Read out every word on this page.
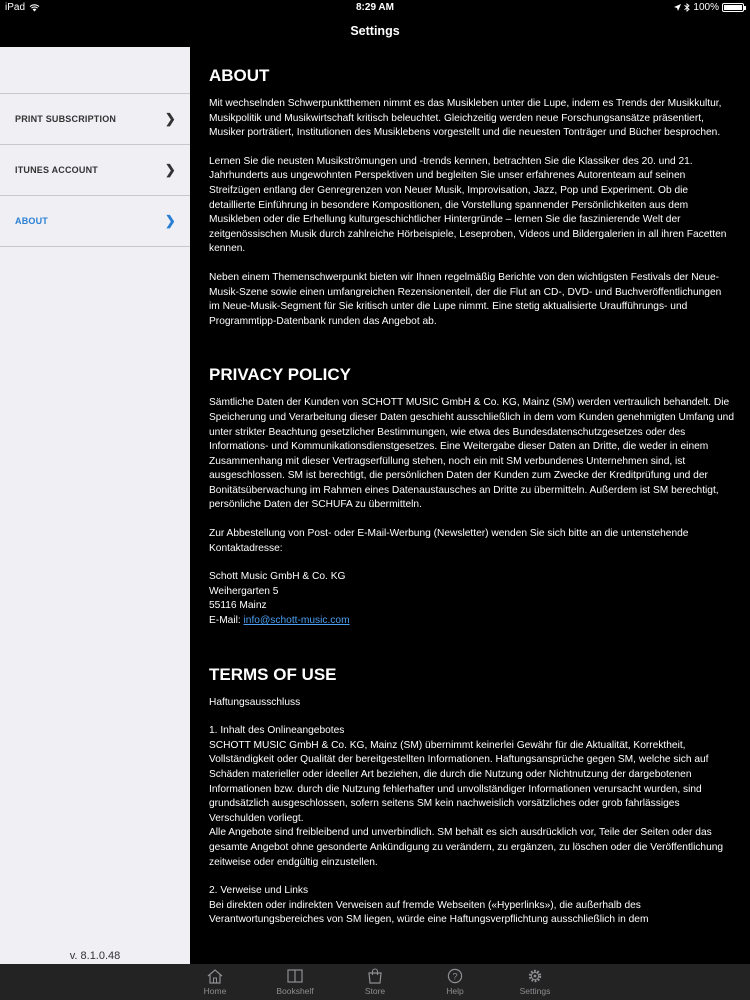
iPad	8:29 AM	100%
Settings
PRINT SUBSCRIPTION	❯
ITUNES ACCOUNT	❯
ABOUT	❯
v. 8.1.0.48
ABOUT

Mit wechselnden Schwerpunktthemen nimmt es das Musikleben unter die Lupe, indem es Trends der Musikkultur, Musikpolitik und Musikwirtschaft kritisch beleuchtet. Gleichzeitig werden neue Forschungsansätze präsentiert, Musiker porträtiert, Institutionen des Musiklebens vorgestellt und die neuesten Tonträger und Bücher besprochen.

Lernen Sie die neusten Musikströmungen und -trends kennen, betrachten Sie die Klassiker des 20. und 21. Jahrhunderts aus ungewohnten Perspektiven und begleiten Sie unser erfahrenes Autorenteam auf seinen Streifzügen entlang der Genregrenzen von Neuer Musik, Improvisation, Jazz, Pop und Experiment. Ob die detaillierte Einführung in besondere Kompositionen, die Vorstellung spannender Persönlichkeiten aus dem Musikleben oder die Erhellung kulturgeschichtlicher Hintergründe – lernen Sie die faszinierende Welt der zeitgenössischen Musik durch zahlreiche Hörbeispiele, Leseproben, Videos und Bildergalerien in all ihren Facetten kennen.

Neben einem Themenschwerpunkt bieten wir Ihnen regelmäßig Berichte von den wichtigsten Festivals der Neue-Musik-Szene sowie einen umfangreichen Rezensionenteil, der die Flut an CD-, DVD- und Buchveröffentlichungen im Neue-Musik-Segment für Sie kritisch unter die Lupe nimmt. Eine stetig aktualisierte Uraufführungs- und Programmtipp-Datenbank runden das Angebot ab.

PRIVACY POLICY

Sämtliche Daten der Kunden von SCHOTT MUSIC GmbH & Co. KG, Mainz (SM) werden vertraulich behandelt. Die Speicherung und Verarbeitung dieser Daten geschieht ausschließlich in dem vom Kunden genehmigten Umfang und unter strikter Beachtung gesetzlicher Bestimmungen, wie etwa des Bundesdatenschutzgesetzes oder des Informations- und Kommunikationsdienstgesetzes. Eine Weitergabe dieser Daten an Dritte, die weder in einem Zusammenhang mit dieser Vertragserfüllung stehen, noch ein mit SM verbundenes Unternehmen sind, ist ausgeschlossen. SM ist berechtigt, die persönlichen Daten der Kunden zum Zwecke der Kreditprüfung und der Bonitätsüberwachung im Rahmen eines Datenaustausches an Dritte zu übermitteln. Außerdem ist SM berechtigt, persönliche Daten der SCHUFA zu übermitteln.

Zur Abbestellung von Post- oder E-Mail-Werbung (Newsletter) wenden Sie sich bitte an die untenstehende Kontaktadresse:

Schott Music GmbH & Co. KG
Weihergarten 5
55116 Mainz
E-Mail: info@schott-music.com

TERMS OF USE

Haftungsausschluss

1. Inhalt des Onlineangebotes
SCHOTT MUSIC GmbH & Co. KG, Mainz (SM) übernimmt keinerlei Gewähr für die Aktualität, Korrektheit, Vollständigkeit oder Qualität der bereitgestellten Informationen. Haftungsansprüche gegen SM, welche sich auf Schäden materieller oder ideeller Art beziehen, die durch die Nutzung oder Nichtnutzung der dargebotenen Informationen bzw. durch die Nutzung fehlerhafter und unvollständiger Informationen verursacht wurden, sind grundsätzlich ausgeschlossen, sofern seitens SM kein nachweislich vorsätzliches oder grob fahrlässiges Verschulden vorliegt.
Alle Angebote sind freibleibend und unverbindlich. SM behält es sich ausdrücklich vor, Teile der Seiten oder das gesamte Angebot ohne gesonderte Ankündigung zu verändern, zu ergänzen, zu löschen oder die Veröffentlichung zeitweise oder endgültig einzustellen.

2. Verweise und Links
Bei direkten oder indirekten Verweisen auf fremde Webseiten («Hyperlinks»), die außerhalb des Verantwortungsbereiches von SM liegen, würde eine Haftungsverpflichtung ausschließlich in dem

Home	Bookshelf	Store
?
Help	Settings
